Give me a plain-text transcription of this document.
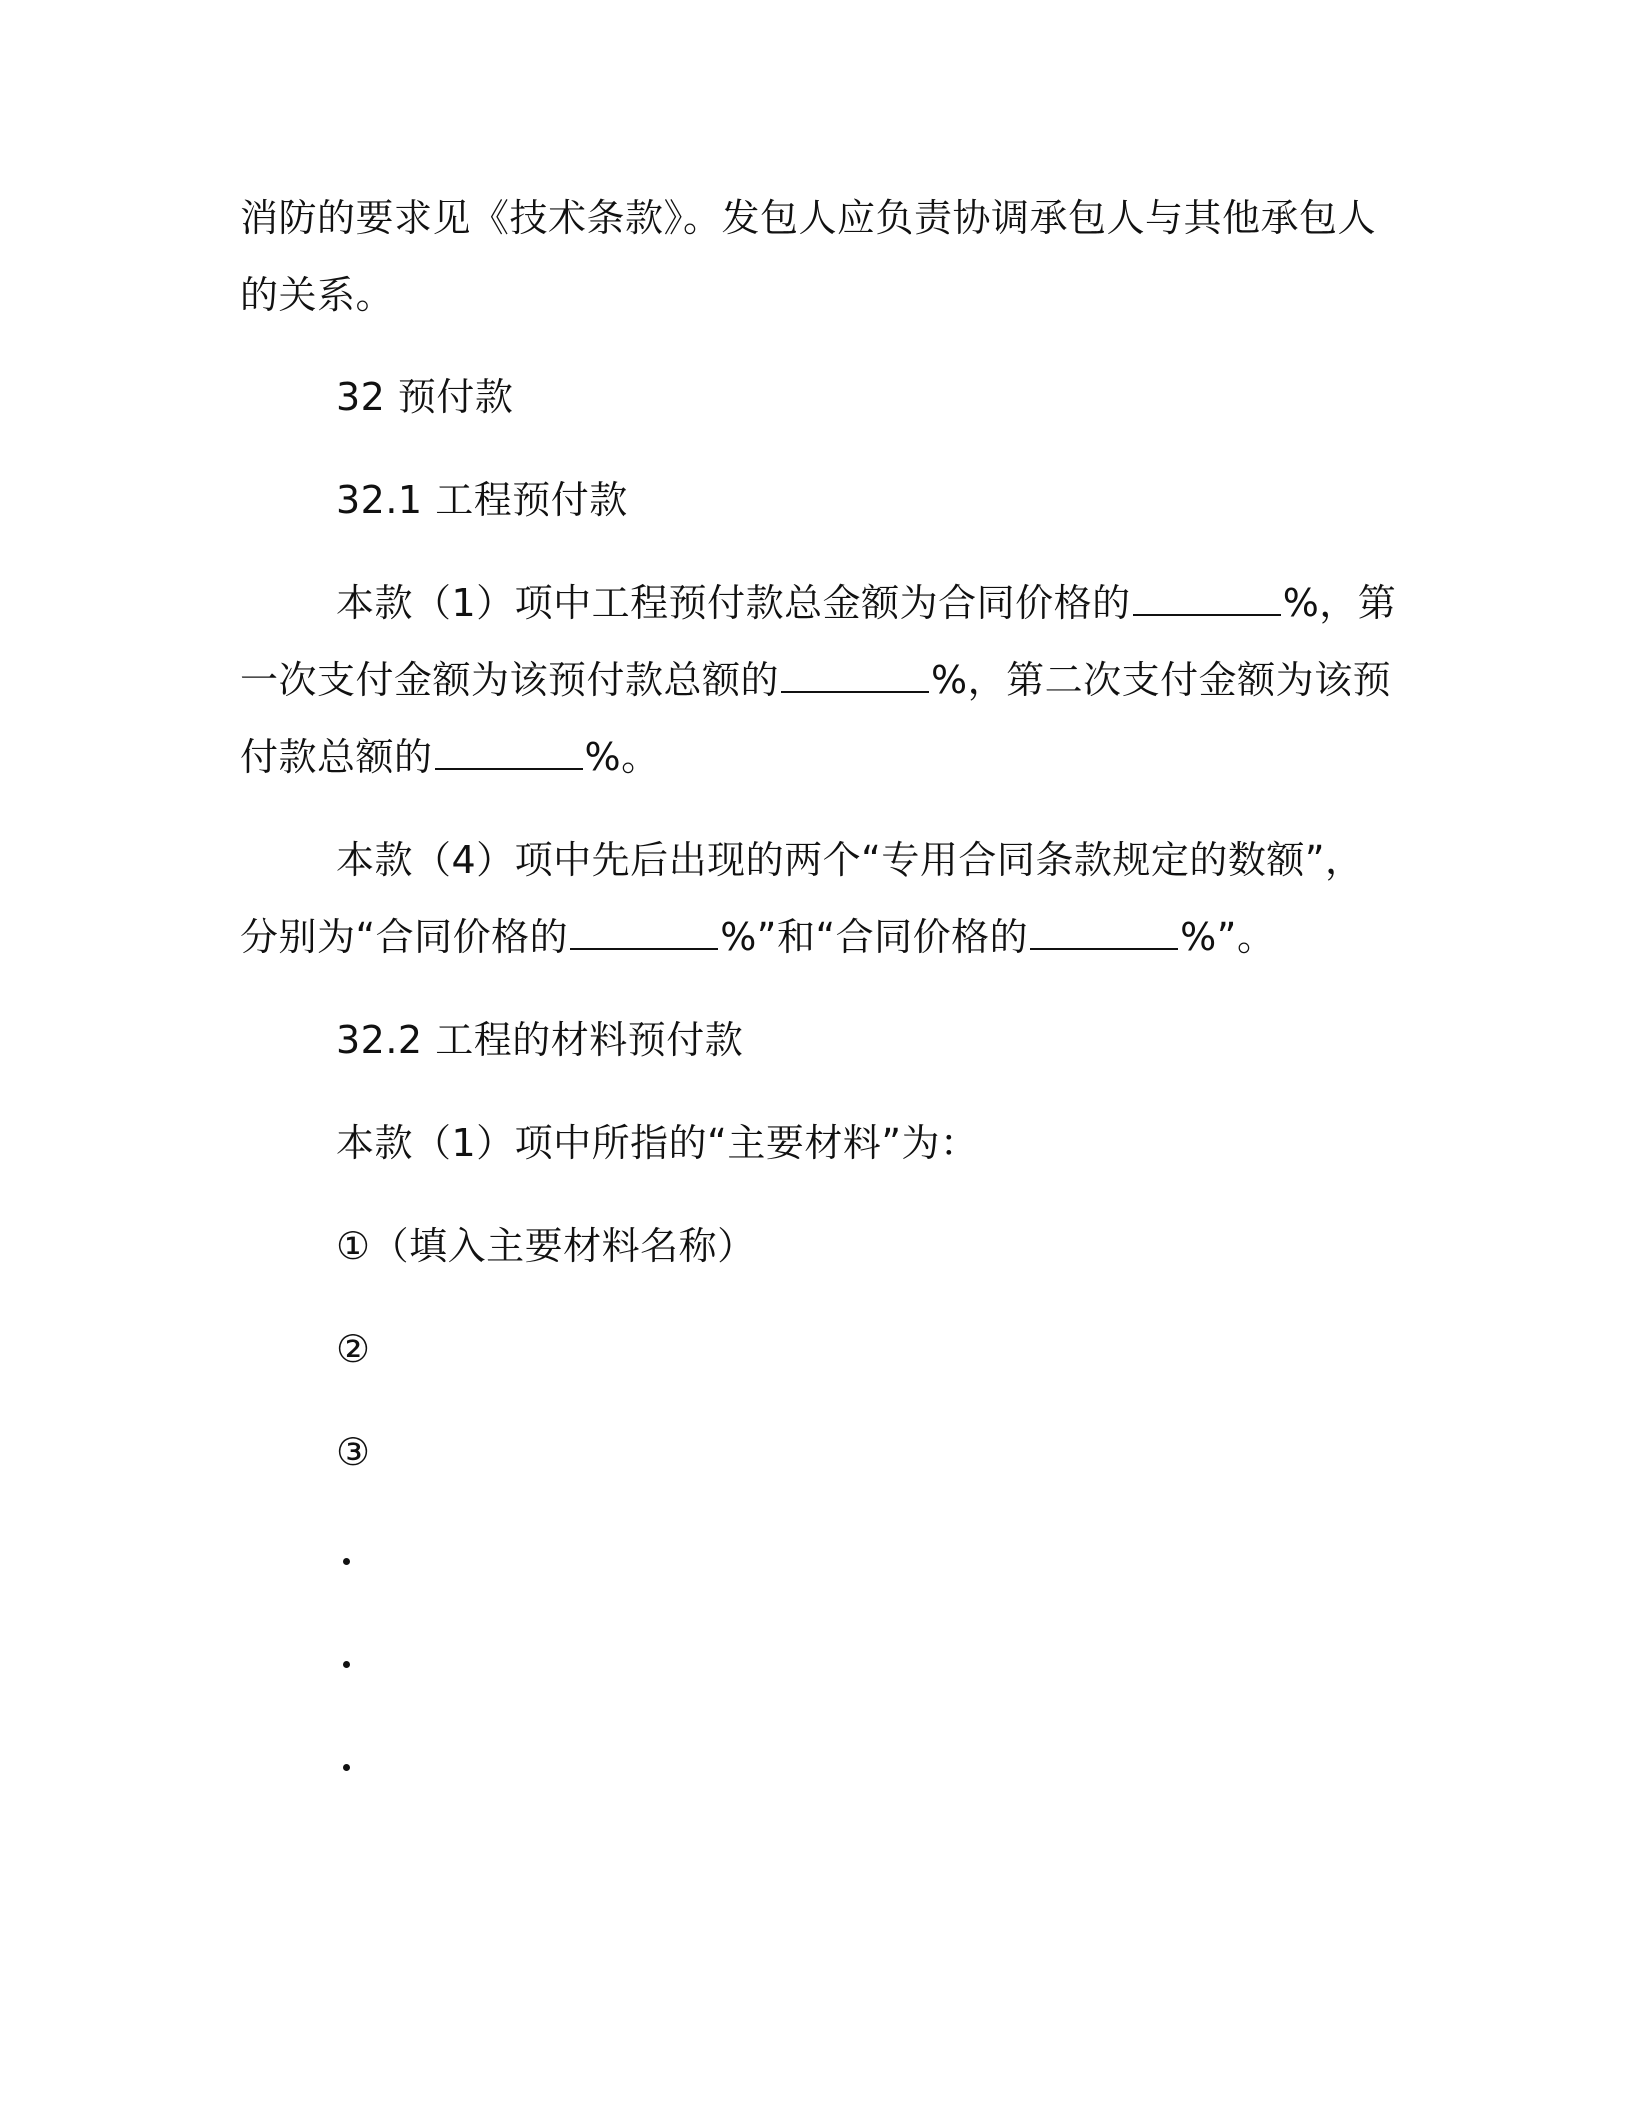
消防的要求见《技术条款》。发包人应负责协调承包人与其他承包人
的关系。
32 预付款
32.1 工程预付款
本款（1）项中工程预付款总金额为合同价格的	%，第
一次支付金额为该预付款总额的	%，第二次支付金额为该预
付款总额的	%。
本款（4）项中先后出现的两个“专用合同条款规定的数额”，
分别为“合同价格的	%”和“合同价格的	%”。
32.2 工程的材料预付款
本款（1）项中所指的“主要材料”为：
①（填入主要材料名称）
②
③
